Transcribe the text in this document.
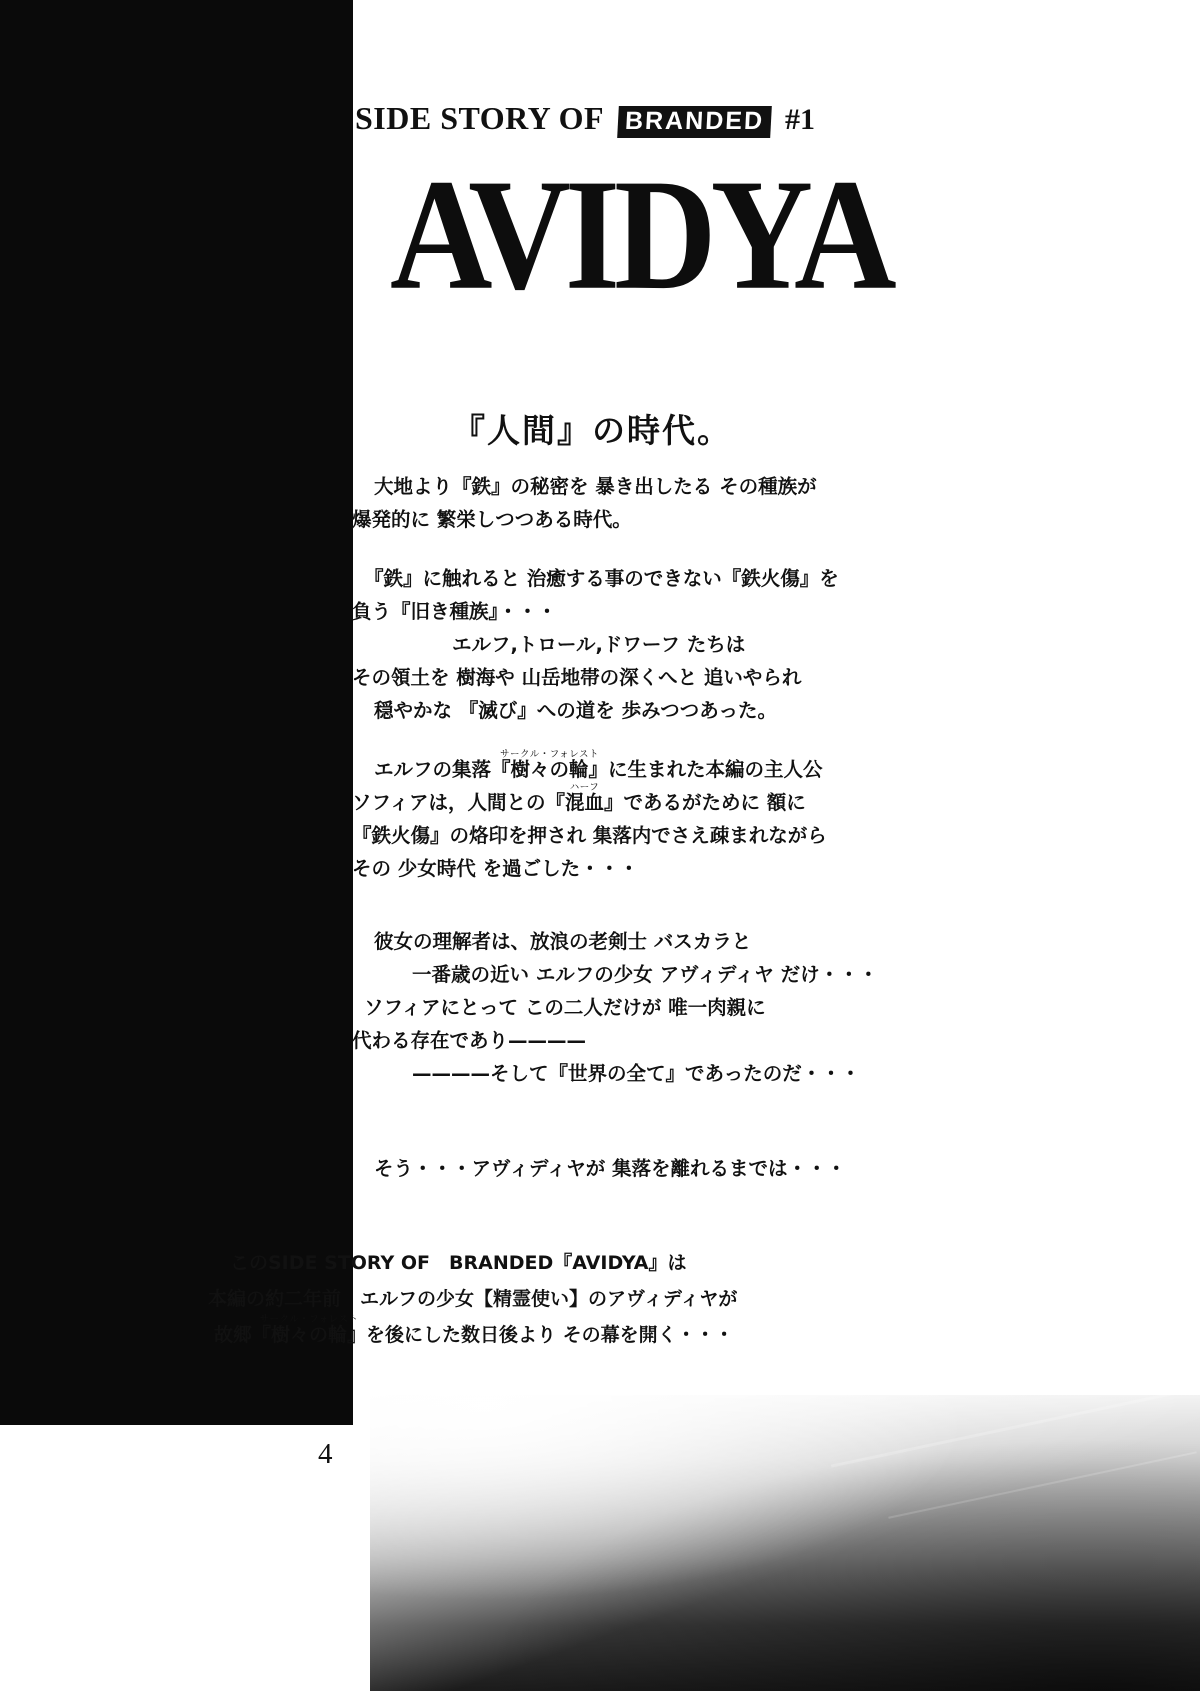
4
SIDE STORY OF BRANDED #1
AVIDYA
『人間』の時代。
大地より『鉄』の秘密を 暴き出したる その種族が
爆発的に 繁栄しつつある時代。
『鉄』に触れると 治癒する事のできない『鉄火傷』を
負う『旧き種族』・・・
エルフ,トロール,ドワーフ たちは
その領土を 樹海や 山岳地帯の深くへと 追いやられ
穏やかな 『滅び』への道を 歩みつつあった。
エルフの集落『
サークル・フォレスト
樹々の輪』に生まれた本編の主人公
ソフィアは，人間との『
ハーフ
混血』であるがために 額に
『鉄火傷』の烙印を押され 集落内でさえ疎まれながら
その 少女時代 を過ごした・・・
彼女の理解者は、放浪の老剣士 バスカラと
一番歳の近い エルフの少女 アヴィディヤ だけ・・・
ソフィアにとって この二人だけが 唯一肉親に
代わる存在であり————
————そして『世界の全て』であったのだ・・・
そう・・・アヴィディヤが 集落を離れるまでは・・・
このSIDE STORY OF　BRANDED『AVIDYA』は
本編の約二年前　エルフの少女【精霊使い】のアヴィディヤが
故郷『
サークル・フォレスト
樹々の輪』を後にした数日後より その幕を開く・・・
